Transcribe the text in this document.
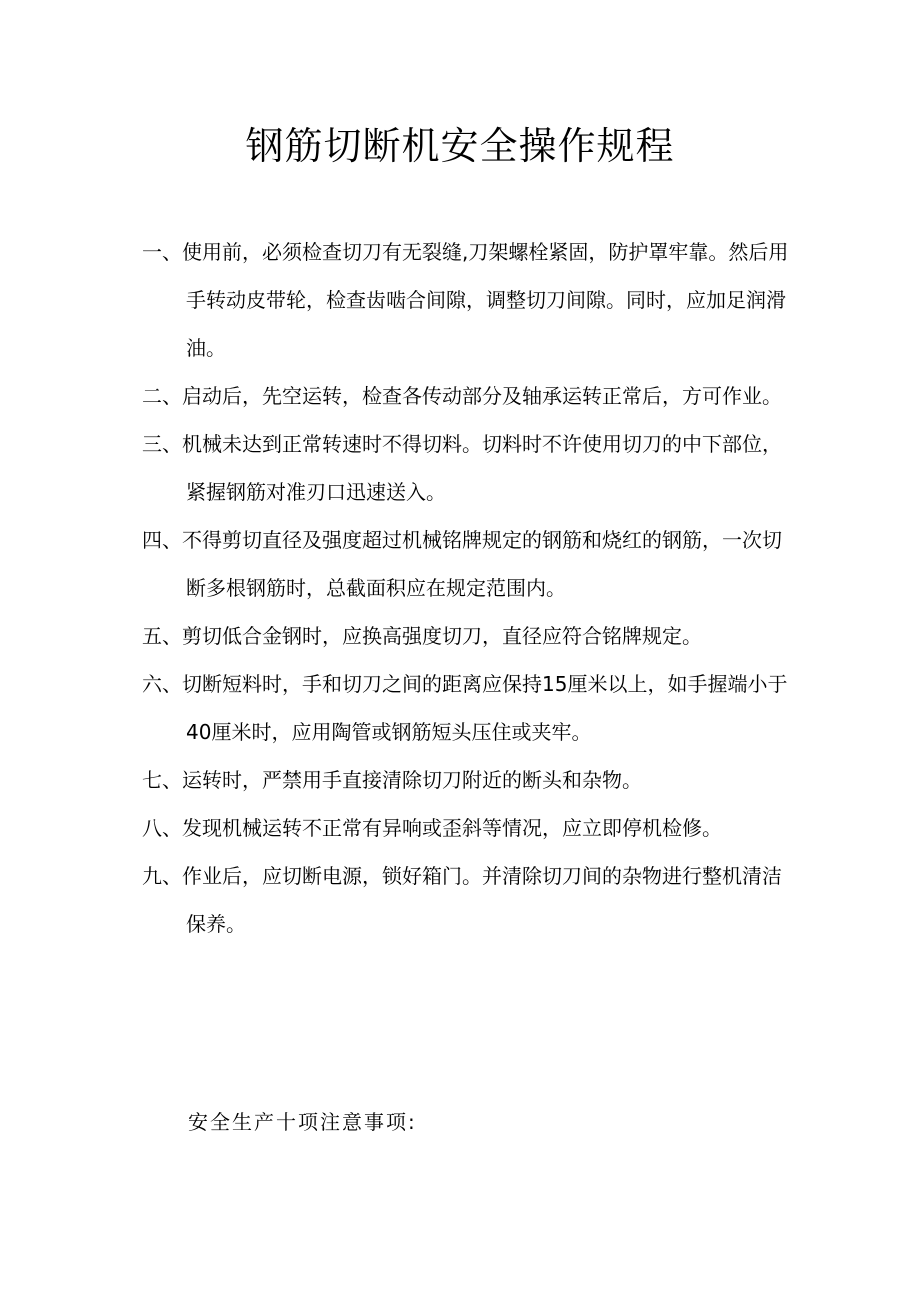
钢筋切断机安全操作规程
一、使用前，必须检查切刀有无裂缝,刀架螺栓紧固，防护罩牢靠。然后用手转动皮带轮，检查齿啮合间隙，调整切刀间隙。同时，应加足润滑油。
二、启动后，先空运转，检查各传动部分及轴承运转正常后，方可作业。
三、机械未达到正常转速时不得切料。切料时不许使用切刀的中下部位，紧握钢筋对准刃口迅速送入。
四、不得剪切直径及强度超过机械铭牌规定的钢筋和烧红的钢筋，一次切断多根钢筋时，总截面积应在规定范围内。
五、剪切低合金钢时，应换高强度切刀，直径应符合铭牌规定。
六、切断短料时，手和切刀之间的距离应保持15厘米以上，如手握端小于40厘米时，应用陶管或钢筋短头压住或夹牢。
七、运转时，严禁用手直接清除切刀附近的断头和杂物。
八、发现机械运转不正常有异响或歪斜等情况，应立即停机检修。
九、作业后，应切断电源，锁好箱门。并清除切刀间的杂物进行整机清洁保养。
安全生产十项注意事项:
